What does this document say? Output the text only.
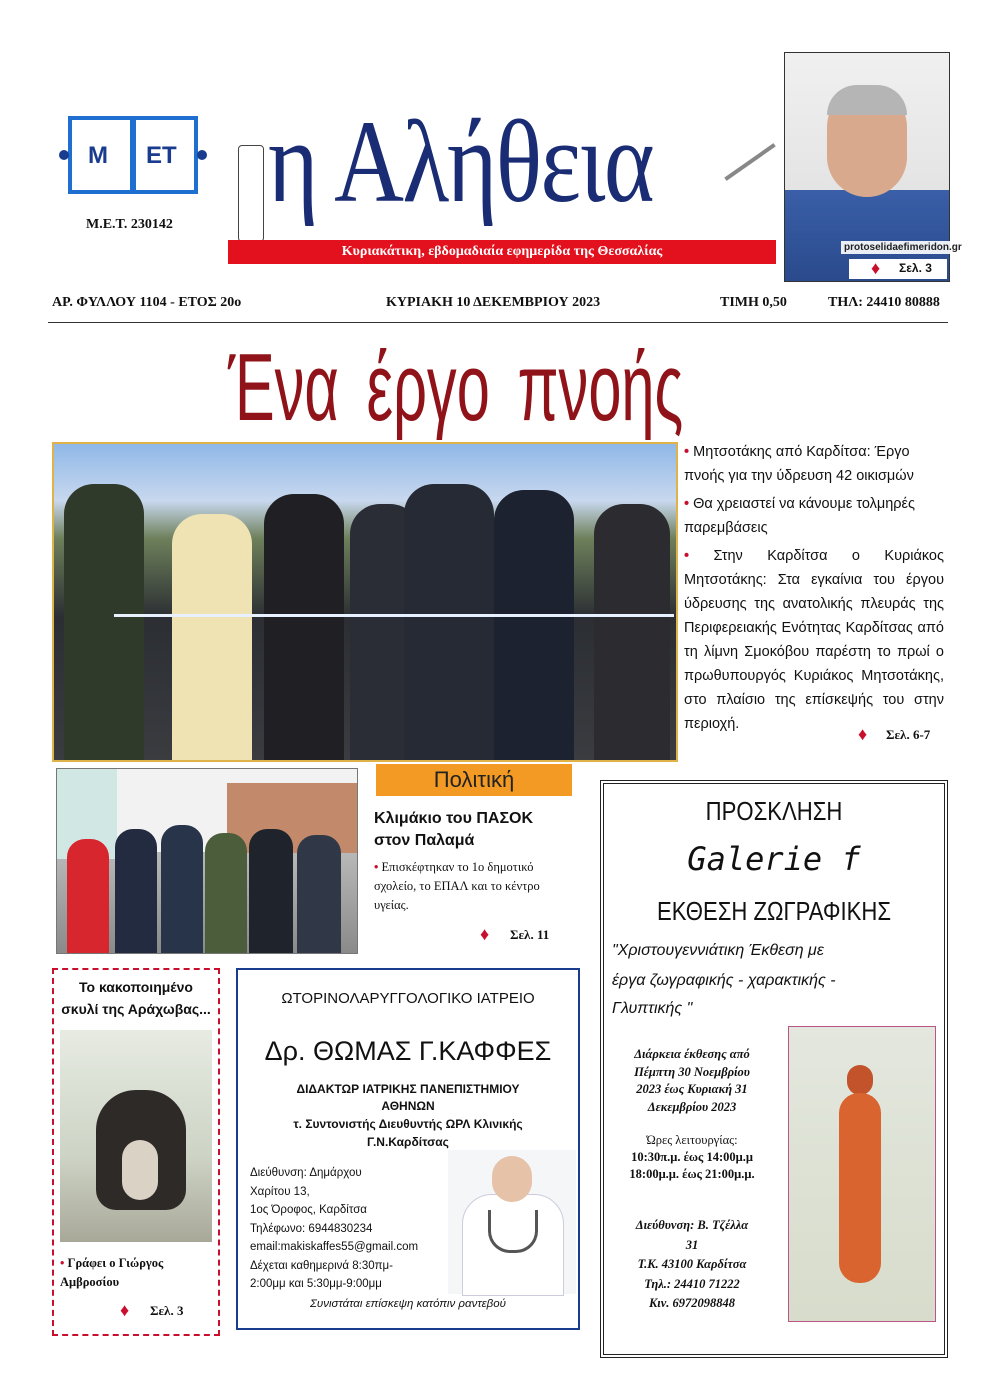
Μ ΕΤ
Μ.Ε.Τ. 230142 η Αλήθεια
Κυριακάτικη, εβδομαδιαία εφημερίδα της Θεσσαλίας	protoselidaefimeridon.gr
♦ Σελ. 3
ΑΡ. ΦΥΛΛΟΥ 1104 - ΕΤΟΣ 20ο	ΚΥΡΙΑΚΗ 10 ΔΕΚΕΜΒΡΙΟΥ 2023	ΤΙΜΗ 0,50	ΤΗΛ: 24410 80888
Ένα έργο πνοής
• Μητσοτάκης από Καρδίτσα: Έργο πνοής για την ύδρευση 42 οικισμών
• Θα χρειαστεί να κάνουμε τολμηρές παρεμβάσεις
• Στην Καρδίτσα ο Κυριάκος Μητσοτάκης: Στα εγκαίνια του έργου ύδρευσης της ανατολικής πλευράς της Περιφερειακής Ενότητας Καρδίτσας από τη λίμνη Σμοκόβου παρέστη το πρωί ο πρωθυπουργός Κυριάκος Μητσοτάκης, στο πλαίσιο της επίσκεψής του στην περιοχή.	♦ Σελ. 6-7
Πολιτική
Κλιμάκιο του ΠΑΣΟΚ στον Παλαμά
• Επισκέφτηκαν το 1ο δημοτικό σχολείο, το ΕΠΑΛ και το κέντρο υγείας.
♦ Σελ. 11
Το κακοποιημένο σκυλί της Αράχωβας...
• Γράφει ο Γιώργος Αμβροσίου
♦ Σελ. 3
ΩΤΟΡΙΝΟΛΑΡΥΓΓΟΛΟΓΙΚΟ ΙΑΤΡΕΙΟ
Δρ. ΘΩΜΑΣ Γ.ΚΑΦΦΕΣ
ΔΙΔΑΚΤΩΡ ΙΑΤΡΙΚΗΣ ΠΑΝΕΠΙΣΤΗΜΙΟΥ
ΑΘΗΝΩΝ
τ. Συντονιστής Διευθυντής ΩΡΛ Κλινικής
Γ.Ν.Καρδίτσας
Διεύθυνση: Δημάρχου
Χαρίτου 13,
1ος Όροφος, Καρδίτσα
Τηλέφωνο: 6944830234
email:makiskaffes55@gmail.com
Δέχεται καθημερινά 8:30πμ-
2:00μμ και 5:30μμ-9:00μμ
Συνιστάται επίσκεψη κατόπιν ραντεβού
ΠΡΟΣΚΛΗΣΗ
Galerie f
ΕΚΘΕΣΗ ΖΩΓΡΑΦΙΚΗΣ
"Χριστουγεννιάτικη Έκθεση με
έργα ζωγραφικής - χαρακτικής -
Γλυπτικής "
Διάρκεια έκθεσης από
Πέμπτη 30 Νοεμβρίου
2023 έως Κυριακή 31
Δεκεμβρίου 2023
Ώρες λειτουργίας:
10:30π.μ. έως 14:00μ.μ
18:00μ.μ. έως 21:00μ.μ.
Διεύθυνση: Β. Τζέλλα
31
Τ.Κ. 43100 Καρδίτσα
Τηλ.: 24410 71222
Κιν. 6972098848
